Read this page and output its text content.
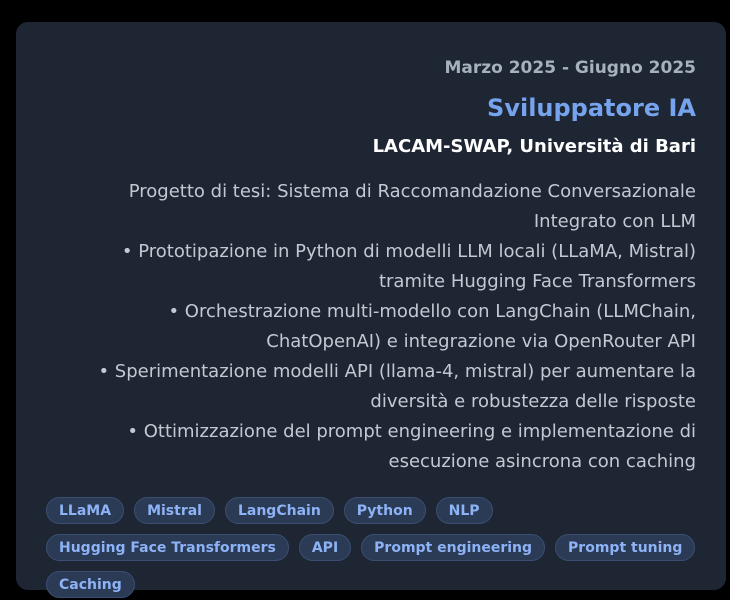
Marzo 2025 - Giugno 2025
Sviluppatore IA
LACAM-SWAP, Università di Bari
Progetto di tesi: Sistema di Raccomandazione Conversazionale Integrato con LLM
• Prototipazione in Python di modelli LLM locali (LLaMA, Mistral) tramite Hugging Face Transformers
• Orchestrazione multi-modello con LangChain (LLMChain, ChatOpenAI) e integrazione via OpenRouter API
• Sperimentazione modelli API (llama-4, mistral) per aumentare la diversità e robustezza delle risposte
• Ottimizzazione del prompt engineering e implementazione di esecuzione asincrona con caching
LLaMA	Mistral	LangChain	Python	NLP
Hugging Face Transformers	API	Prompt engineering	Prompt tuning
Caching
